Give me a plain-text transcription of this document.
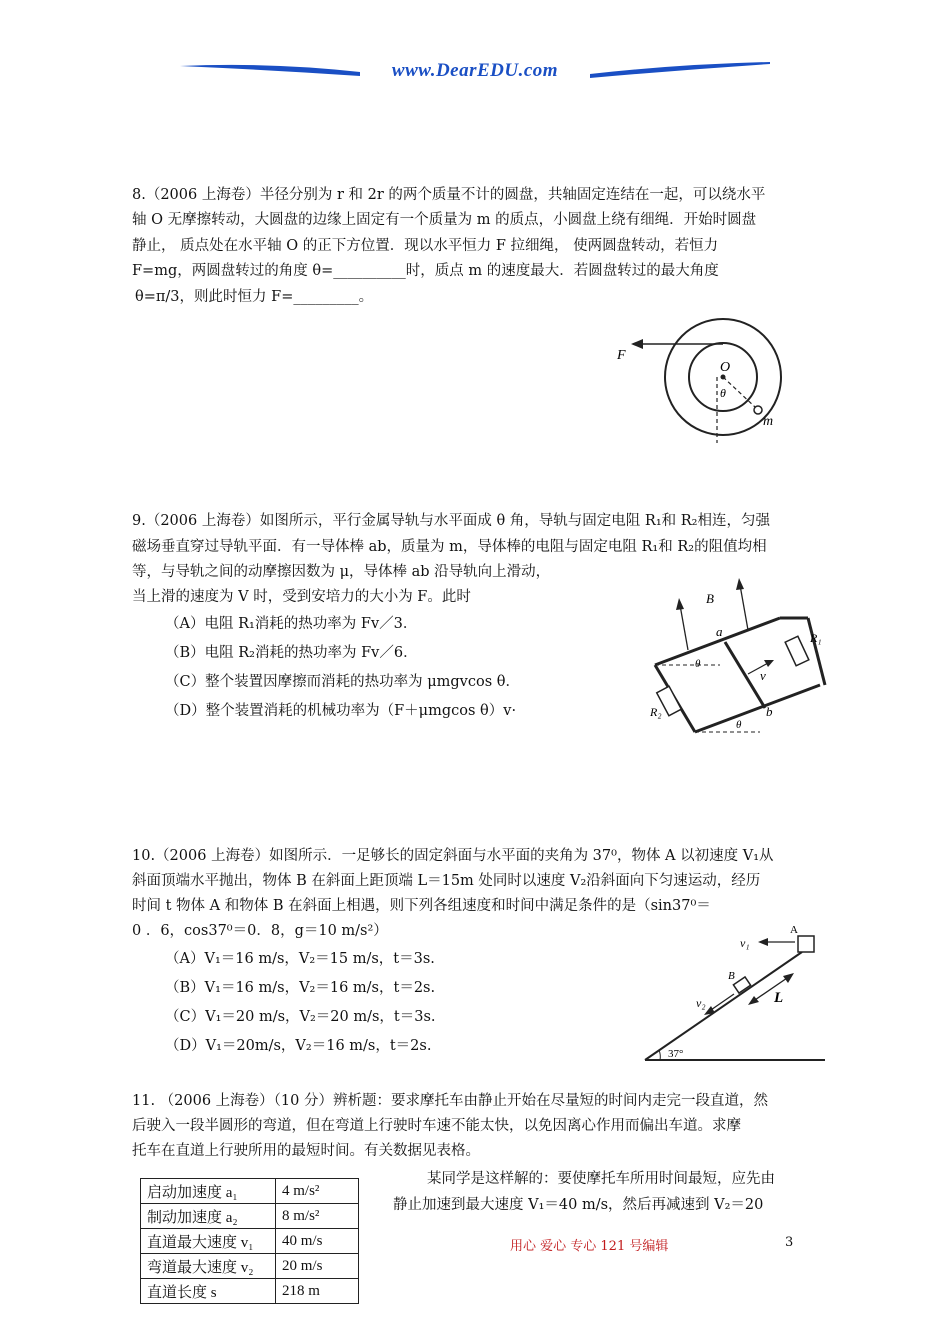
www.DearEDU.com
8.（2006 上海卷）半径分别为 r 和 2r 的两个质量不计的圆盘，共轴固定连结在一起，可以绕水平
轴 O 无摩擦转动，大圆盘的边缘上固定有一个质量为 m 的质点，小圆盘上绕有细绳．开始时圆盘
静止， 质点处在水平轴 O 的正下方位置．现以水平恒力 F 拉细绳， 使两圆盘转动，若恒力
F=mg，两圆盘转过的角度 θ=__________时，质点 m 的速度最大．若圆盘转过的最大角度
θ=π/3，则此时恒力 F=_________。
F
O
θ
m
9.（2006 上海卷）如图所示，平行金属导轨与水平面成 θ 角，导轨与固定电阻 R₁和 R₂相连，匀强
磁场垂直穿过导轨平面．有一导体棒 ab，质量为 m，导体棒的电阻与固定电阻 R₁和 R₂的阻值均相
等，与导轨之间的动摩擦因数为 μ，导体棒 ab 沿导轨向上滑动，
当上滑的速度为 V 时，受到安培力的大小为 F。此时
（A）电阻 R₁消耗的热功率为 Fv／3．
（B）电阻 R₂消耗的热功率为 Fv／6．
（C）整个装置因摩擦而消耗的热功率为 μmgvcos θ．
（D）整个装置消耗的机械功率为（F＋μmgcos θ）v·
B
a
b
v
R₁
R₂
θ
θ
10.（2006 上海卷）如图所示．一足够长的固定斜面与水平面的夹角为 37⁰，物体 A 以初速度 V₁从
斜面顶端水平抛出，物体 B 在斜面上距顶端 L＝15m 处同时以速度 V₂沿斜面向下匀速运动，经历
时间 t 物体 A 和物体 B 在斜面上相遇，则下列各组速度和时间中满足条件的是（sin37⁰＝
0 ．6，cos37⁰＝0．8，g＝10 m/s²）
（A）V₁＝16 m/s，V₂＝15 m/s，t＝3s.
（B）V₁＝16 m/s，V₂＝16 m/s，t＝2s.
（C）V₁＝20 m/s，V₂＝20 m/s，t＝3s.
（D）V₁＝20m/s，V₂＝16 m/s，t＝2s.
A
B
v₁
v₂	L
37°
11. （2006 上海卷）（10 分）辨析题：要求摩托车由静止开始在尽量短的时间内走完一段直道，然
后驶入一段半圆形的弯道，但在弯道上行驶时车速不能太快，以免因离心作用而偏出车道。求摩
托车在直道上行驶所用的最短时间。有关数据见表格。
某同学是这样解的：要使摩托车所用时间最短，应先由
静止加速到最大速度 V₁＝40 m/s，然后再减速到 V₂＝20
启动加速度 a₁	4 m/s²
制动加速度 a₂	8 m/s²
直道最大速度 v₁	40 m/s
弯道最大速度 v₂	20 m/s
直道长度 s	218 m
用心 爱心 专心 121 号编辑	3
